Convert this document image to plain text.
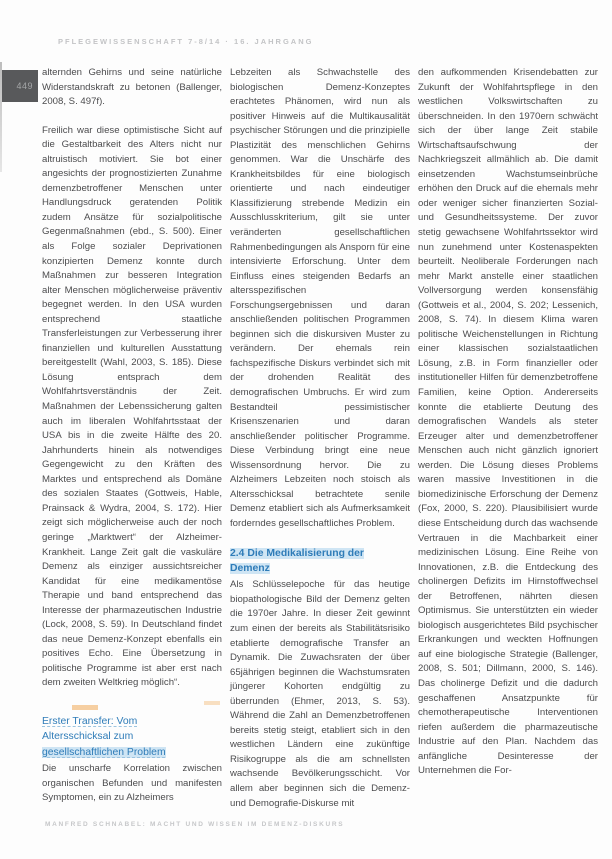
PFLEGEWISSENSCHAFT 7-8/14 · 16. JAHRGANG
449
alternden Gehirns und seine natürliche Widerstandskraft zu betonen (Ballenger, 2008, S. 497f).
Freilich war diese optimistische Sicht auf die Gestaltbarkeit des Alters nicht nur altruistisch motiviert. Sie bot einer angesichts der prognostizierten Zunahme demenzbetroffener Menschen unter Handlungsdruck geratenden Politik zudem Ansätze für sozialpolitische Gegenmaßnahmen (ebd., S. 500). Einer als Folge sozialer Deprivationen konzipierten Demenz konnte durch Maßnahmen zur besseren Integration alter Menschen möglicherweise präventiv begegnet werden. In den USA wurden entsprechend staatliche Transferleistungen zur Verbesserung ihrer finanziellen und kulturellen Ausstattung bereitgestellt (Wahl, 2003, S. 185). Diese Lösung entsprach dem Wohlfahrtsverständnis der Zeit. Maßnahmen der Lebenssicherung galten auch im liberalen Wohlfahrtsstaat der USA bis in die zweite Hälfte des 20. Jahrhunderts hinein als notwendiges Gegengewicht zu den Kräften des Marktes und entsprechend als Domäne des sozialen Staates (Gottweis, Hable, Prainsack & Wydra, 2004, S. 172). Hier zeigt sich möglicherweise auch der noch geringe „Marktwert“ der Alzheimer-Krankheit. Lange Zeit galt die vaskuläre Demenz als einziger aussichtsreicher Kandidat für eine medikamentöse Therapie und band entsprechend das Interesse der pharmazeutischen Industrie (Lock, 2008, S. 59). In Deutschland findet das neue Demenz-Konzept ebenfalls ein positives Echo. Eine Übersetzung in politische Programme ist aber erst nach dem zweiten Weltkrieg möglich“.
Erster Transfer: Vom
Altersschicksal zum
gesellschaftlichen Problem
Die unscharfe Korrelation zwischen organischen Befunden und manifesten Symptomen, ein zu Alzheimers
Lebzeiten als Schwachstelle des biologischen Demenz-Konzeptes erachtetes Phänomen, wird nun als positiver Hinweis auf die Multikausalität psychischer Störungen und die prinzipielle Plastizität des menschlichen Gehirns genommen. War die Unschärfe des Krankheitsbildes für eine biologisch orientierte und nach eindeutiger Klassifizierung strebende Medizin ein Ausschlusskriterium, gilt sie unter veränderten gesellschaftlichen Rahmenbedingungen als Ansporn für eine intensivierte Erforschung. Unter dem Einfluss eines steigenden Bedarfs an altersspezifischen Forschungsergebnissen und daran anschließenden politischen Programmen beginnen sich die diskursiven Muster zu verändern. Der ehemals rein fachspezifische Diskurs verbindet sich mit der drohenden Realität des demografischen Umbruchs. Er wird zum Bestandteil pessimistischer Krisenszenarien und daran anschließender politischer Programme. Diese Verbindung bringt eine neue Wissensordnung hervor. Die zu Alzheimers Lebzeiten noch stoisch als Altersschicksal betrachtete senile Demenz etabliert sich als Aufmerksamkeit forderndes gesellschaftliches Problem.
2.4 Die Medikalisierung der
Demenz
Als Schlüsselepoche für das heutige biopathologische Bild der Demenz gelten die 1970er Jahre. In dieser Zeit gewinnt zum einen der bereits als Stabilitätsrisiko etablierte demografische Transfer an Dynamik. Die Zuwachsraten der über 65jährigen beginnen die Wachstumsraten jüngerer Kohorten endgültig zu überrunden (Ehmer, 2013, S. 53). Während die Zahl an Demenzbetroffenen bereits stetig steigt, etabliert sich in den westlichen Ländern eine zukünftige Risikogruppe als die am schnellsten wachsende Bevölkerungsschicht. Vor allem aber beginnen sich die Demenz- und Demografie-Diskurse mit
den aufkommenden Krisendebatten zur Zukunft der Wohlfahrtspflege in den westlichen Volkswirtschaften zu überschneiden. In den 1970ern schwächt sich der über lange Zeit stabile Wirtschaftsaufschwung der Nachkriegszeit allmählich ab. Die damit einsetzenden Wachstumseinbrüche erhöhen den Druck auf die ehemals mehr oder weniger sicher finanzierten Sozial- und Gesundheitssysteme. Der zuvor stetig gewachsene Wohlfahrtssektor wird nun zunehmend unter Kostenaspekten beurteilt. Neoliberale Forderungen nach mehr Markt anstelle einer staatlichen Vollversorgung werden konsensfähig (Gottweis et al., 2004, S. 202; Lessenich, 2008, S. 74). In diesem Klima waren politische Weichenstellungen in Richtung einer klassischen sozialstaatlichen Lösung, z.B. in Form finanzieller oder institutioneller Hilfen für demenzbetroffene Familien, keine Option. Andererseits konnte die etablierte Deutung des demografischen Wandels als steter Erzeuger alter und demenzbetroffener Menschen auch nicht gänzlich ignoriert werden. Die Lösung dieses Problems waren massive Investitionen in die biomedizinische Erforschung der Demenz (Fox, 2000, S. 220). Plausibilisiert wurde diese Entscheidung durch das wachsende Vertrauen in die Machbarkeit einer medizinischen Lösung. Eine Reihe von Innovationen, z.B. die Entdeckung des cholinergen Defizits im Hirnstoffwechsel der Betroffenen, nährten diesen Optimismus. Sie unterstützten ein wieder biologisch ausgerichtetes Bild psychischer Erkrankungen und weckten Hoffnungen auf eine biologische Strategie (Ballenger, 2008, S. 501; Dillmann, 2000, S. 146). Das cholinerge Defizit und die dadurch geschaffenen Ansatzpunkte für chemotherapeutische Interventionen riefen außerdem die pharmazeutische Industrie auf den Plan. Nachdem das anfängliche Desinteresse der Unternehmen die For-
MANFRED SCHNABEL: MACHT UND WISSEN IM DEMENZ-DISKURS
